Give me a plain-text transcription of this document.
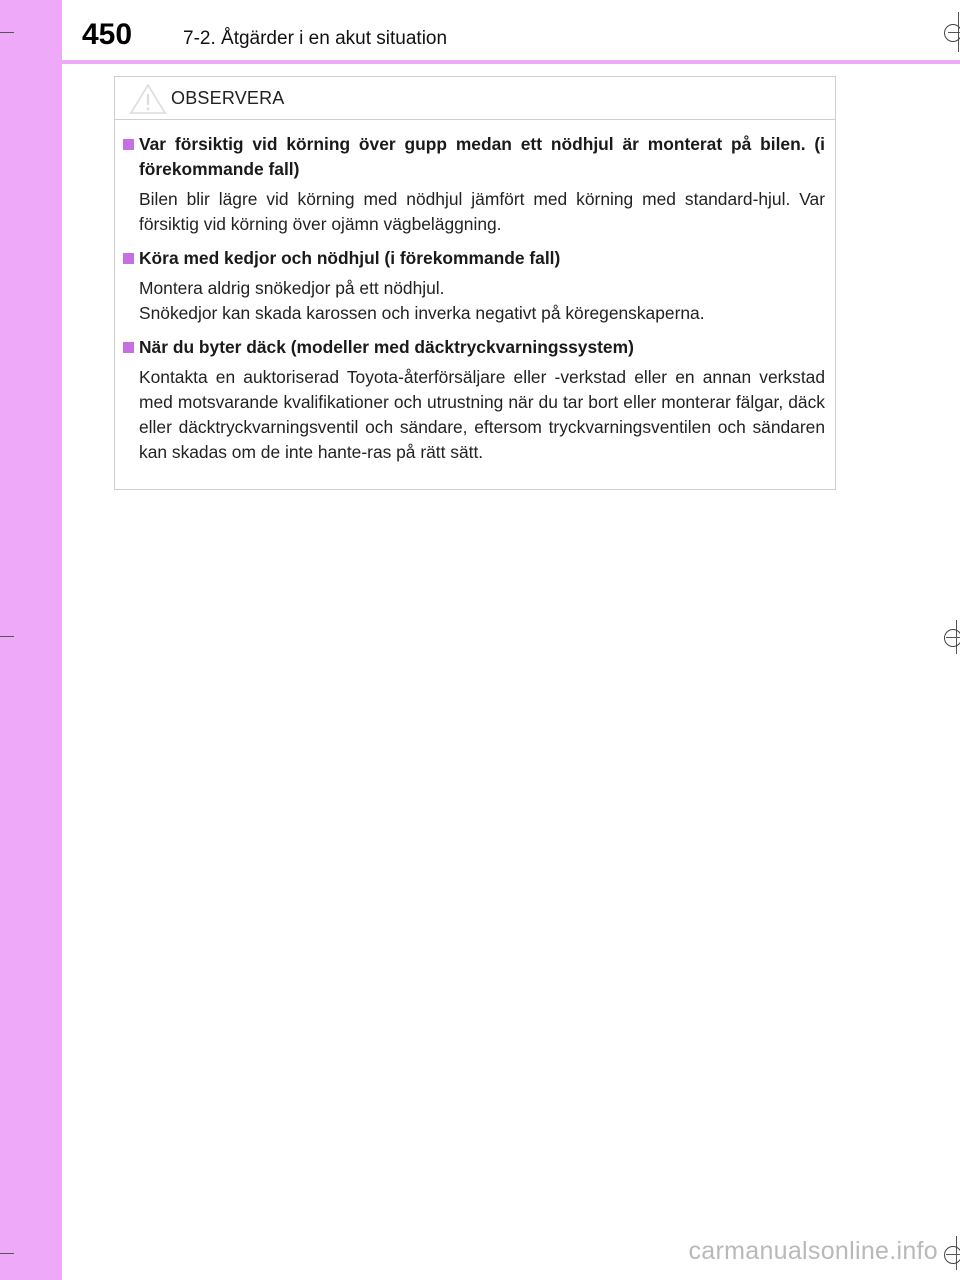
450	7-2. Åtgärder i en akut situation
OBSERVERA
Var försiktig vid körning över gupp medan ett nödhjul är monterat på bilen. (i förekommande fall)
Bilen blir lägre vid körning med nödhjul jämfört med körning med standard-hjul. Var försiktig vid körning över ojämn vägbeläggning.
Köra med kedjor och nödhjul (i förekommande fall)
Montera aldrig snökedjor på ett nödhjul.
Snökedjor kan skada karossen och inverka negativt på köregenskaperna.
När du byter däck (modeller med däcktryckvarningssystem)
Kontakta en auktoriserad Toyota-återförsäljare eller -verkstad eller en annan verkstad med motsvarande kvalifikationer och utrustning när du tar bort eller monterar fälgar, däck eller däcktryckvarningsventil och sändare, eftersom tryckvarningsventilen och sändaren kan skadas om de inte hante-ras på rätt sätt.
carmanualsonline.info
